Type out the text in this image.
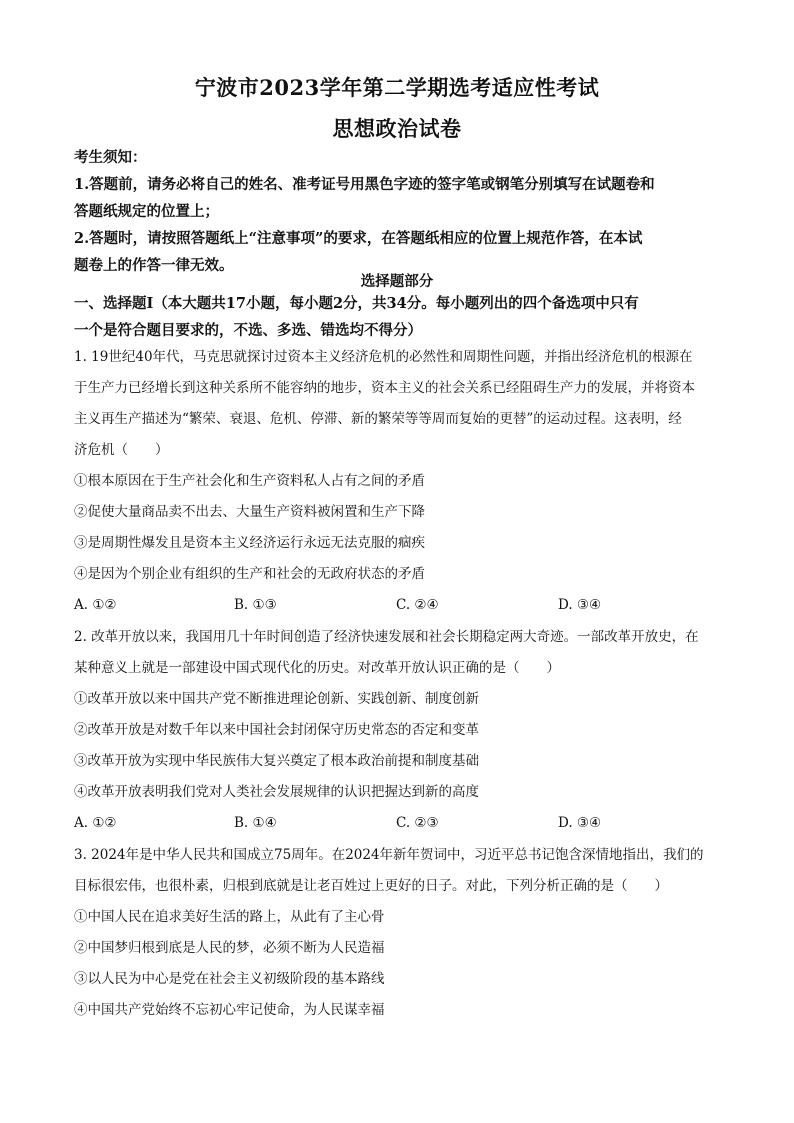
宁波市2023学年第二学期选考适应性考试
思想政治试卷
考生须知：
1.答题前，请务必将自己的姓名、准考证号用黑色字迹的签字笔或钢笔分别填写在试题卷和
答题纸规定的位置上；
2.答题时，请按照答题纸上“注意事项”的要求，在答题纸相应的位置上规范作答，在本试
题卷上的作答一律无效。
选择题部分
一、选择题Ⅰ（本大题共17小题，每小题2分，共34分。每小题列出的四个备选项中只有
一个是符合题目要求的，不选、多选、错选均不得分）
1. 19世纪40年代，马克思就探讨过资本主义经济危机的必然性和周期性问题，并指出经济危机的根源在
于生产力已经增长到这种关系所不能容纳的地步，资本主义的社会关系已经阻碍生产力的发展，并将资本
主义再生产描述为“繁荣、衰退、危机、停滞、新的繁荣等等周而复始的更替”的运动过程。这表明，经
济危机（　　）
①根本原因在于生产社会化和生产资料私人占有之间的矛盾
②促使大量商品卖不出去、大量生产资料被闲置和生产下降
③是周期性爆发且是资本主义经济运行永远无法克服的痼疾
④是因为个别企业有组织的生产和社会的无政府状态的矛盾
A. ①②	B. ①③	C. ②④	D. ③④
2. 改革开放以来，我国用几十年时间创造了经济快速发展和社会长期稳定两大奇迹。一部改革开放史，在
某种意义上就是一部建设中国式现代化的历史。对改革开放认识正确的是（　　）
①改革开放以来中国共产党不断推进理论创新、实践创新、制度创新
②改革开放是对数千年以来中国社会封闭保守历史常态的否定和变革
③改革开放为实现中华民族伟大复兴奠定了根本政治前提和制度基础
④改革开放表明我们党对人类社会发展规律的认识把握达到新的高度
A. ①②	B. ①④	C. ②③	D. ③④
3. 2024年是中华人民共和国成立75周年。在2024年新年贺词中，习近平总书记饱含深情地指出，我们的
目标很宏伟，也很朴素，归根到底就是让老百姓过上更好的日子。对此，下列分析正确的是（　　）
①中国人民在追求美好生活的路上，从此有了主心骨
②中国梦归根到底是人民的梦，必须不断为人民造福
③以人民为中心是党在社会主义初级阶段的基本路线
④中国共产党始终不忘初心牢记使命，为人民谋幸福
